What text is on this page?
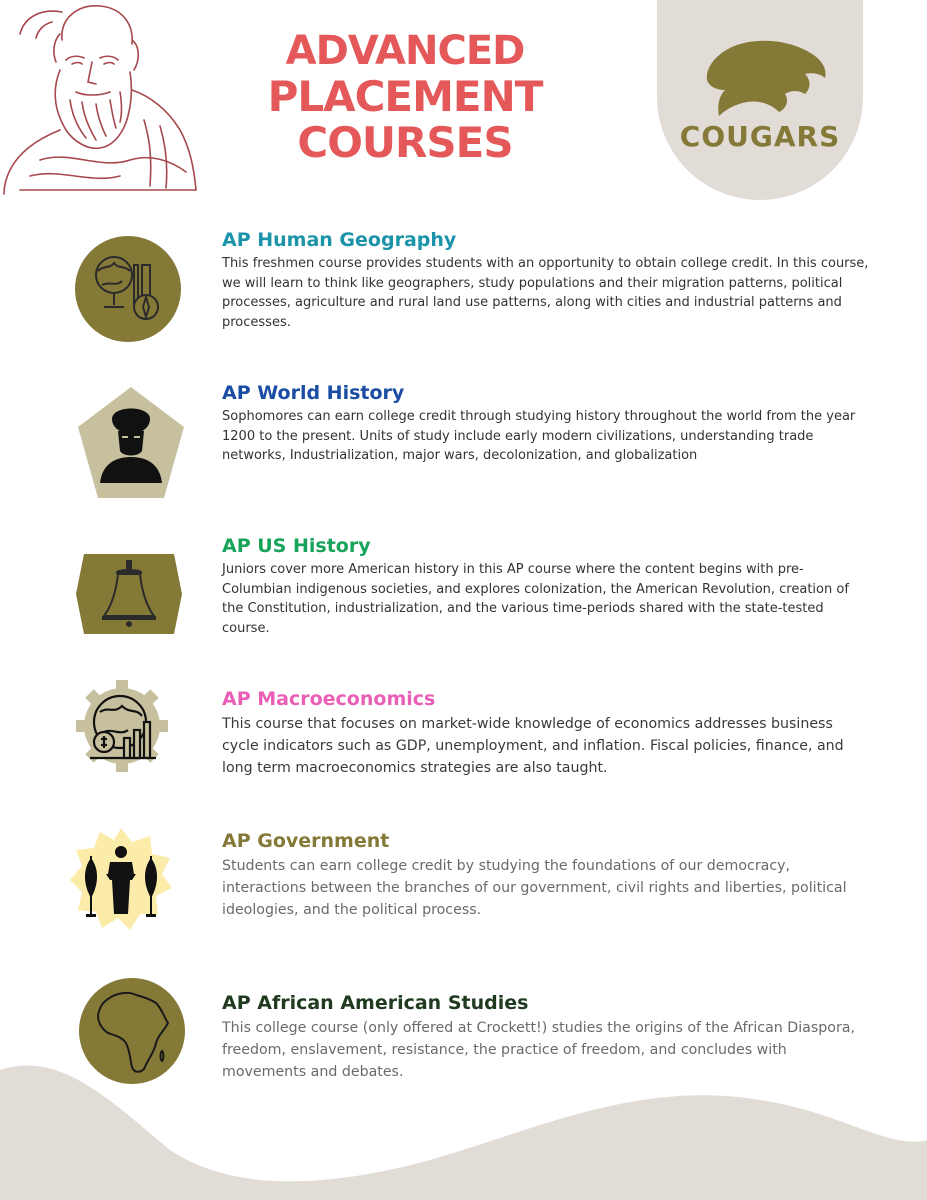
ADVANCED
PLACEMENT COURSES	COUGARS
AP Human Geography

This freshmen course provides students with an opportunity to obtain college credit. In this course, we will learn to think like geographers, study populations and their migration patterns, political processes, agriculture and rural land use patterns, along with cities and industrial patterns and processes.

AP World History

Sophomores can earn college credit through studying history throughout the world from the year 1200 to the present. Units of study include early modern civilizations, understanding trade networks, Industrialization, major wars, decolonization, and globalization

AP US History

Juniors cover more American history in this AP course where the content begins with pre-Columbian indigenous societies, and explores colonization, the American Revolution, creation of the Constitution, industrialization, and the various time-periods shared with the state-tested course.

AP Macroeconomics

This course that focuses on market-wide knowledge of economics addresses business cycle indicators such as GDP, unemployment, and inflation. Fiscal policies, finance, and long term macroeconomics strategies are also taught.

AP Government

Students can earn college credit by studying the foundations of our democracy, interactions between the branches of our government, civil rights and liberties, political ideologies, and the political process.

AP African American Studies

This college course (only offered at Crockett!) studies the origins of the African Diaspora, freedom, enslavement, resistance, the practice of freedom, and concludes with movements and debates.
